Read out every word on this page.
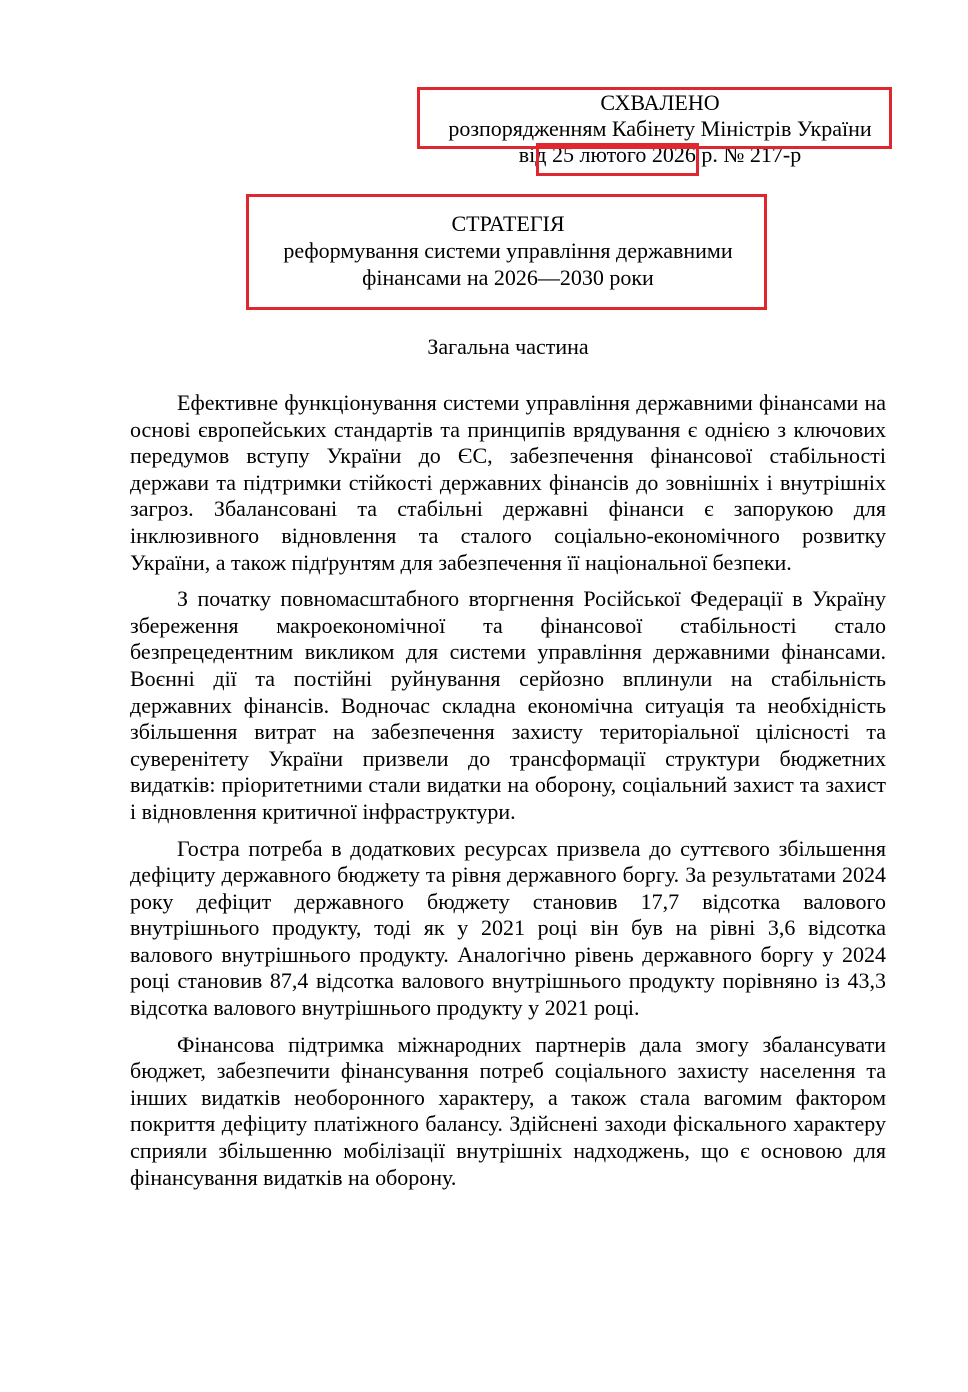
СХВАЛЕНО
розпорядженням Кабінету Міністрів України
від 25 лютого 2026 р. № 217-р
СТРАТЕГІЯ
реформування системи управління державними
фінансами на 2026—2030 роки
Загальна частина

Ефективне функціонування системи управління державними фінансами на основі європейських стандартів та принципів врядування є однією з ключових передумов вступу України до ЄС, забезпечення фінансової стабільності держави та підтримки стійкості державних фінансів до зовнішніх і внутрішніх загроз. Збалансовані та стабільні державні фінанси є запорукою для інклюзивного відновлення та сталого соціально-економічного розвитку України, а також підґрунтям для забезпечення її національної безпеки.

З початку повномасштабного вторгнення Російської Федерації в Україну збереження макроекономічної та фінансової стабільності стало безпрецедентним викликом для системи управління державними фінансами. Воєнні дії та постійні руйнування серйозно вплинули на стабільність державних фінансів. Водночас складна економічна ситуація та необхідність збільшення витрат на забезпечення захисту територіальної цілісності та суверенітету України призвели до трансформації структури бюджетних видатків: пріоритетними стали видатки на оборону, соціальний захист та захист і відновлення критичної інфраструктури.

Гостра потреба в додаткових ресурсах призвела до суттєвого збільшення дефіциту державного бюджету та рівня державного боргу. За результатами 2024 року дефіцит державного бюджету становив 17,7 відсотка валового внутрішнього продукту, тоді як у 2021 році він був на рівні 3,6 відсотка валового внутрішнього продукту. Аналогічно рівень державного боргу у 2024 році становив 87,4 відсотка валового внутрішнього продукту порівняно із 43,3 відсотка валового внутрішнього продукту у 2021 році.

Фінансова підтримка міжнародних партнерів дала змогу збалансувати бюджет, забезпечити фінансування потреб соціального захисту населення та інших видатків необоронного характеру, а також стала вагомим фактором покриття дефіциту платіжного балансу. Здійснені заходи фіскального характеру сприяли збільшенню мобілізації внутрішніх надходжень, що є основою для фінансування видатків на оборону.
